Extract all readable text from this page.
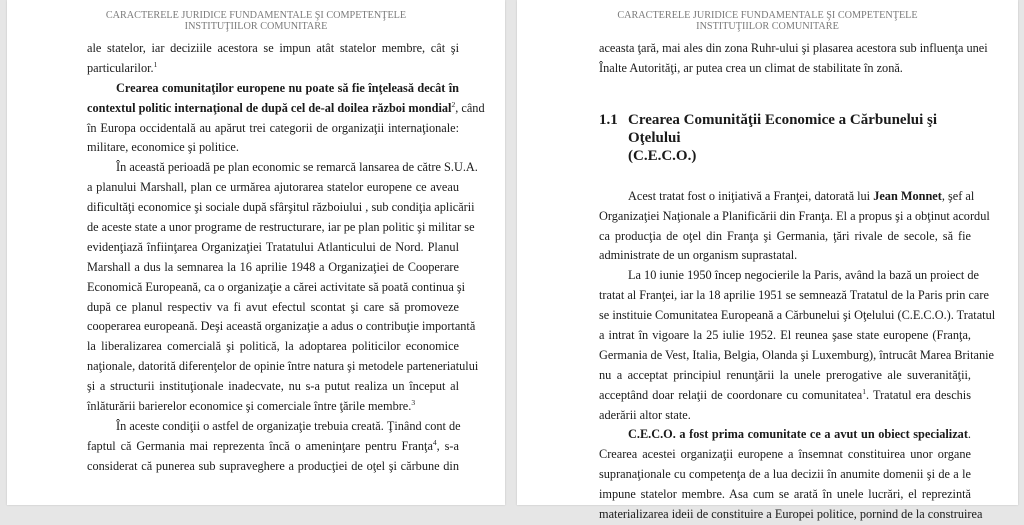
CARACTERELE JURIDICE FUNDAMENTALE ŞI COMPETENŢELE
INSTITUŢIILOR COMUNITARE
ale statelor, iar deciziile acestora se impun atât statelor membre, cât şi
particularilor.$^1$
Crearea comunitaţilor europene nu poate să fie înţeleasă decât în
contextul politic internaţional de după cel de-al doilea război mondial$^2$, când
în Europa occidentală au apărut trei categorii de organizaţii internaţionale:
militare, economice şi politice.
În această perioadă pe plan economic se remarcă lansarea de către S.U.A.
a planului Marshall, plan ce urmărea ajutorarea statelor europene ce aveau
dificultăţi economice şi sociale după sfârşitul războiului , sub condiţia aplicării
de aceste state a unor programe de restructurare, iar pe plan politic şi militar se
evidenţiază înfiinţarea Organizaţiei Tratatului Atlanticului de Nord. Planul
Marshall a dus la semnarea la 16 aprilie 1948 a Organizaţiei de Cooperare
Economică Europeană, ca o organizaţie a cărei activitate să poată continua şi
după ce planul respectiv va fi avut efectul scontat şi care să promoveze
cooperarea europeană. Deşi această organizaţie a adus o contribuţie importantă
la liberalizarea comercială şi politică, la adoptarea politicilor economice
naţionale, datorită diferenţelor de opinie între natura şi metodele parteneriatului
şi a structurii instituţionale inadecvate, nu s-a putut realiza un început al
înlăturării barierelor economice şi comerciale între ţările membre.$^3$
În aceste condiţii o astfel de organizaţie trebuia creată. Ţinând cont de
faptul că Germania mai reprezenta încă o ameninţare pentru Franţa$^4$, s-a
considerat că punerea sub supraveghere a producţiei de oţel şi cărbune din
CARACTERELE JURIDICE FUNDAMENTALE ŞI COMPETENŢELE
INSTITUŢIILOR COMUNITARE
aceasta ţară, mai ales din zona Ruhr-ului şi plasarea acestora sub influenţa unei
Înalte Autorităţi, ar putea crea un climat de stabilitate în zonă.
1.1 Crearea Comunităţii Economice a Cărbunelui şi Oţelului
(C.E.C.O.)
Acest tratat fost o iniţiativă a Franţei, datorată lui Jean Monnet, şef al
Organizaţiei Naţionale a Planificării din Franţa. El a propus şi a obţinut acordul
ca producţia de oţel din Franţa şi Germania, ţări rivale de secole, să fie
administrate de un organism suprastatal.
La 10 iunie 1950 încep negocierile la Paris, având la bază un proiect de
tratat al Franţei, iar la 18 aprilie 1951 se semnează Tratatul de la Paris prin care
se instituie Comunitatea Europeană a Cărbunelui şi Oţelului (C.E.C.O.). Tratatul
a intrat în vigoare la 25 iulie 1952. El reunea şase state europene (Franţa,
Germania de Vest, Italia, Belgia, Olanda şi Luxemburg), întrucât Marea Britanie
nu a acceptat principiul renunţării la unele prerogative ale suveranităţii,
acceptând doar relaţii de coordonare cu comunitatea$^1$. Tratatul era deschis
aderării altor state.
C.E.C.O. a fost prima comunitate ce a avut un obiect specializat.
Crearea acestei organizaţii europene a însemnat constituirea unor organe
supranaţionale cu competenţa de a lua decizii în anumite domenii şi de a le
impune statelor membre. Asa cum se arată în unele lucrări, el reprezintă
materializarea ideii de constituire a Europei politice, pornind de la construirea
